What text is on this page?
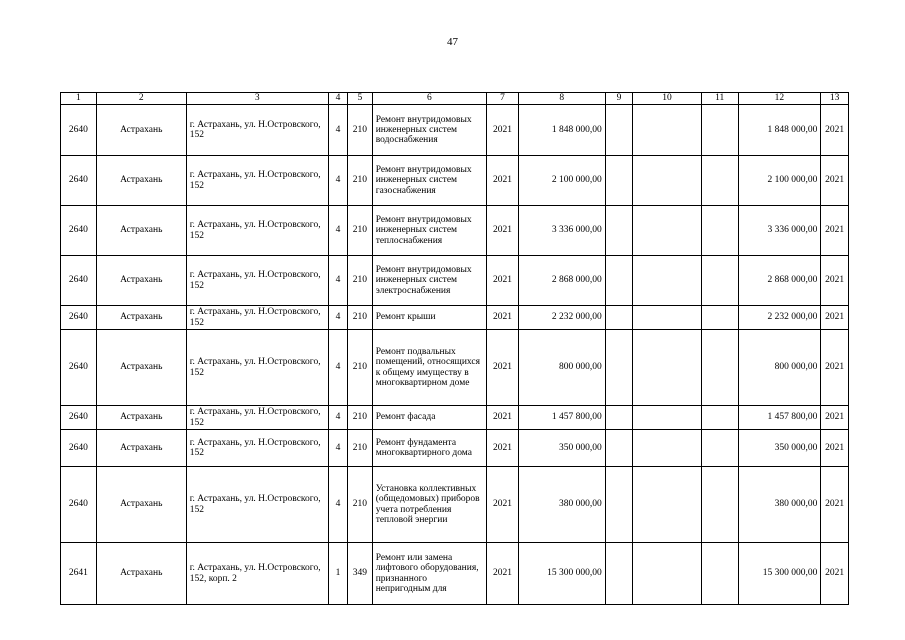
47
1	2	3	4	5	6	7	8	9	10	11	12	13
2640	Астрахань	г. Астрахань, ул. Н.Островского, 152	4	210	Ремонт внутридомовых инженерных систем водоснабжения	2021	1 848 000,00				1 848 000,00	2021
2640	Астрахань	г. Астрахань, ул. Н.Островского, 152	4	210	Ремонт внутридомовых инженерных систем газоснабжения	2021	2 100 000,00				2 100 000,00	2021
2640	Астрахань	г. Астрахань, ул. Н.Островского, 152	4	210	Ремонт внутридомовых инженерных систем теплоснабжения	2021	3 336 000,00				3 336 000,00	2021
2640	Астрахань	г. Астрахань, ул. Н.Островского, 152	4	210	Ремонт внутридомовых инженерных систем электроснабжения	2021	2 868 000,00				2 868 000,00	2021
2640	Астрахань	г. Астрахань, ул. Н.Островского, 152	4	210	Ремонт крыши	2021	2 232 000,00				2 232 000,00	2021
2640	Астрахань	г. Астрахань, ул. Н.Островского, 152	4	210	Ремонт подвальных помещений, относящихся к общему имуществу в многоквартирном доме	2021	800 000,00				800 000,00	2021
2640	Астрахань	г. Астрахань, ул. Н.Островского, 152	4	210	Ремонт фасада	2021	1 457 800,00				1 457 800,00	2021
2640	Астрахань	г. Астрахань, ул. Н.Островского, 152	4	210	Ремонт фундамента многоквартирного дома	2021	350 000,00				350 000,00	2021
2640	Астрахань	г. Астрахань, ул. Н.Островского, 152	4	210	Установка коллективных (общедомовых) приборов учета потребления тепловой энергии	2021	380 000,00				380 000,00	2021
2641	Астрахань	г. Астрахань, ул. Н.Островского, 152, корп. 2	1	349	Ремонт или замена лифтового оборудования, признанного непригодным для	2021	15 300 000,00				15 300 000,00	2021
